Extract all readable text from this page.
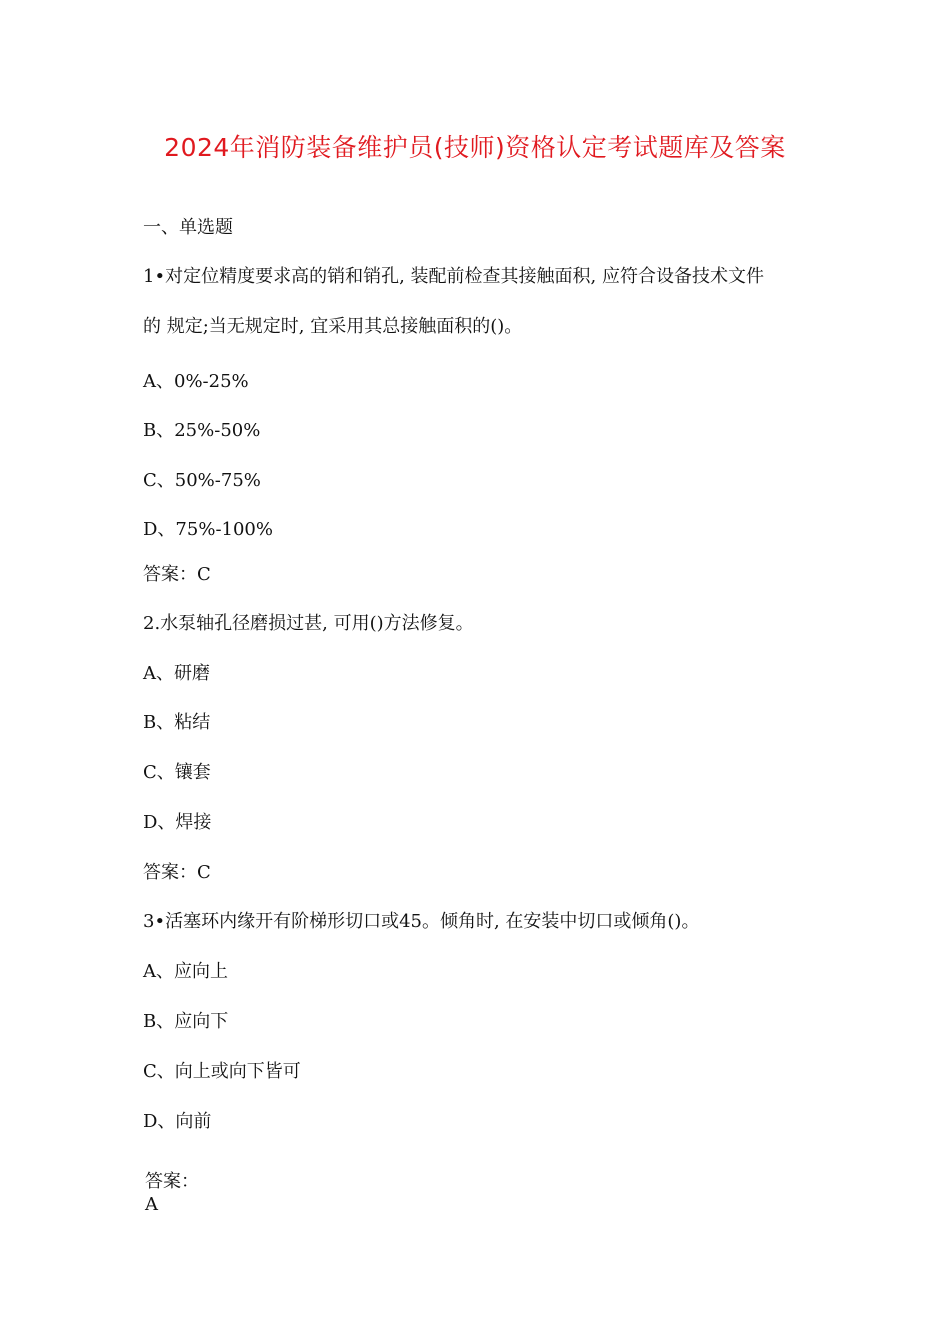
2024年消防装备维护员(技师)资格认定考试题库及答案

一、单选题

1•对定位精度要求高的销和销孔, 装配前检查其接触面积, 应符合设备技术文件

的 规定;当无规定时, 宜采用其总接触面积的()。

A、0%-25%

B、25%-50%

C、50%-75%

D、75%-100%

答案：C

2.水泵轴孔径磨损过甚, 可用()方法修复。

A、研磨

B、粘结

C、镶套

D、焊接

答案：C

3•活塞环内缘开有阶梯形切口或45。倾角时, 在安装中切口或倾角()。

A、应向上

B、应向下

C、向上或向下皆可

D、向前

答案：

A
